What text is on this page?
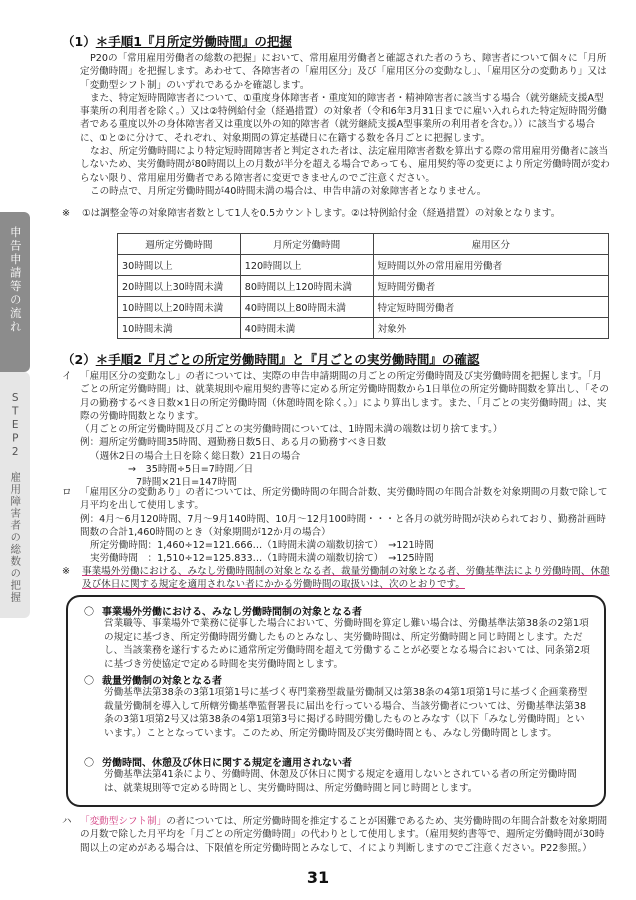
申告申請等の流れ
STEP2　雇用障害者の総数の把握
（1）＊手順1『月所定労働時間』の把握

P20の「常用雇用労働者の総数の把握」において、常用雇用労働者と確認された者のうち、障害者について個々に「月所定労働時間」を把握します。あわせて、各障害者の「雇用区分」及び「雇用区分の変動なし」、「雇用区分の変動あり」又は「変動型シフト制」のいずれであるかを確認します。

また、特定短時間障害者について、①重度身体障害者・重度知的障害者・精神障害者に該当する場合（就労継続支援A型事業所の利用者を除く。）又は②特例給付金（経過措置）の対象者（令和6年3月31日までに雇い入れられた特定短時間労働者である重度以外の身体障害者又は重度以外の知的障害者（就労継続支援A型事業所の利用者を含む。））に該当する場合に、①と②に分けて、それぞれ、対象期間の算定基礎日に在籍する数を各月ごとに把握します。

なお、所定労働時間により特定短時間障害者と判定された者は、法定雇用障害者数を算出する際の常用雇用労働者に該当しないため、実労働時間が80時間以上の月数が半分を超える場合であっても、雇用契約等の変更により所定労働時間が変わらない限り、常用雇用労働者である障害者に変更できませんのでご注意ください。

この時点で、月所定労働時間が40時間未満の場合は、申告申請の対象障害者となりません。

※ ①は調整金等の対象障害者数として1人を0.5カウントします。②は特例給付金（経過措置）の対象となります。
週所定労働時間	月所定労働時間	雇用区分
30時間以上	120時間以上	短時間以外の常用雇用労働者
20時間以上30時間未満	80時間以上120時間未満	短時間労働者
10時間以上20時間未満	40時間以上80時間未満	特定短時間労働者
10時間未満	40時間未満	対象外
（2）＊手順2『月ごとの所定労働時間』と『月ごとの実労働時間』の確認
イ 「雇用区分の変動なし」の者については、実際の申告申請期間の月ごとの所定労働時間及び実労働時間を把握します。「月ごとの所定労働時間」は、就業規則や雇用契約書等に定める所定労働時間数から1日単位の所定労働時間数を算出し、「その月の勤務するべき日数×1日の所定労働時間（休憩時間を除く。）」により算出します。また、「月ごとの実労働時間」は、実際の労働時間数となります。

（月ごとの所定労働時間及び月ごとの実労働時間については、1時間未満の端数は切り捨てます。）

例：週所定労働時間35時間、週勤務日数5日、ある月の勤務すべき日数

（週休2日の場合土日を除く総日数）21日の場合

→　35時間÷5日=7時間／日

7時間×21日=147時間

ロ 「雇用区分の変動あり」の者については、所定労働時間の年間合計数、実労働時間の年間合計数を対象期間の月数で除して月平均を出して使用します。

例：4月～6月120時間、7月～9月140時間、10月～12月100時間・・・と各月の就労時間が決められており、勤務計画時間数の合計1,460時間のとき（対象期間が12か月の場合）

所定労働時間：1,460÷12=121.666…（1時間未満の端数切捨て）　→121時間

実労働時間　：1,510÷12=125.833…（1時間未満の端数切捨て）　→125時間

※ 事業場外労働における、みなし労働時間制の対象となる者、裁量労働制の対象となる者、労働基準法により労働時間、休憩及び休日に関する規定を適用されない者にかかる労働時間の取扱いは、次のとおりです。
〇 事業場外労働における、みなし労働時間制の対象となる者

営業職等、事業場外で業務に従事した場合において、労働時間を算定し難い場合は、労働基準法第38条の2第1項の規定に基づき、所定労働時間労働したものとみなし、実労働時間は、所定労働時間と同じ時間とします。ただし、当該業務を遂行するために通常所定労働時間を超えて労働することが必要となる場合においては、同条第2項に基づき労使協定で定める時間を実労働時間とします。

〇 裁量労働制の対象となる者

労働基準法第38条の3第1項第1号に基づく専門業務型裁量労働制又は第38条の4第1項第1号に基づく企画業務型裁量労働制を導入して所轄労働基準監督署長に届出を行っている場合、当該労働者については、労働基準法第38条の3第1項第2号又は第38条の4第1項第3号に掲げる時間労働したものとみなす（以下「みなし労働時間」といいます。）こととなっています。このため、所定労働時間及び実労働時間とも、みなし労働時間とします。

〇 労働時間、休憩及び休日に関する規定を適用されない者

労働基準法第41条により、労働時間、休憩及び休日に関する規定を適用しないとされている者の所定労働時間は、就業規則等で定める時間とし、実労働時間は、所定労働時間と同じ時間とします。

ハ 「変動型シフト制」の者については、所定労働時間を推定することが困難であるため、実労働時間の年間合計数を対象期間の月数で除した月平均を「月ごとの所定労働時間」の代わりとして使用します。（雇用契約書等で、週所定労働時間が30時間以上の定めがある場合は、下限値を所定労働時間とみなして、イにより判断しますのでご注意ください。P22参照。）

31
